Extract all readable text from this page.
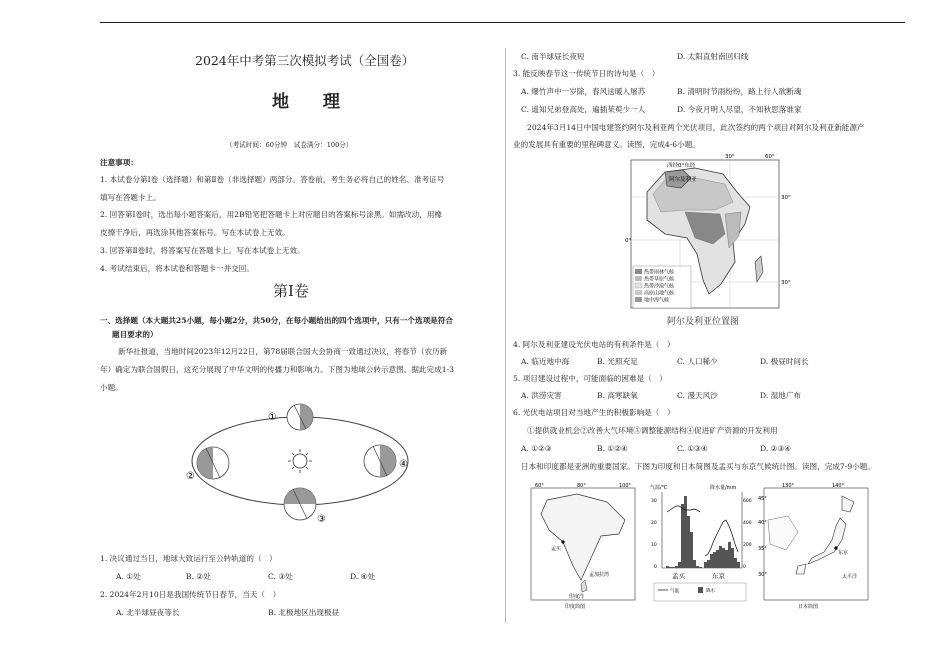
2024年中考第三次模拟考试（全国卷）
地 理
（考试时间：60分钟　试卷满分：100分）
注意事项：
1. 本试卷分第Ⅰ卷（选择题）和第Ⅱ卷（非选择题）两部分。答卷前，考生务必将自己的姓名、准考证号
填写在答题卡上。
2. 回答第Ⅰ卷时，选出每小题答案后，用2B铅笔把答题卡上对应题目的答案标号涂黑。如需改动，用橡
皮擦干净后，再选涂其他答案标号。写在本试卷上无效。
3. 回答第Ⅱ卷时，将答案写在答题卡上。写在本试卷上无效。
4. 考试结束后，将本试卷和答题卡一并交回。
第Ⅰ卷
一、选择题（本大题共25小题，每小题2分，共50分，在每小题给出的四个选项中，只有一个选项是符合
题目要求的）
新华社报道，当地时间2023年12月22日，第78届联合国大会协商一致通过决议，将春节（农历新
年）确定为联合国假日，这充分展现了中华文明的传播力和影响力。下图为地球公转示意图。据此完成1-3
小题。
①
②
④
③
1. 决议通过当日，地球大致运行至公转轨道的（　）
A. ①处	B. ②处	C. ③处	D. ④处
2. 2024年2月10日是我国传统节日春节，当天（　）
A. 北半球昼夜等长	B. 北极地区出现极昼
C. 南半球昼长夜短	D. 太阳直射南回归线
3. 能反映春节这一传统节日的诗句是（　）
A. 爆竹声中一岁除，春风送暖入屠苏	B. 清明时节雨纷纷，路上行人欲断魂
C. 遥知兄弟登高处，遍插茱萸少一人	D. 今夜月明人尽望，不知秋思落谁家
2024年3月14日中国电建签约阿尔及利亚两个光伏项目，此次签约的两个项目对阿尔及利亚新能源产
业的发展具有重要的里程碑意义。读图，完成4-6小题。
西经0°东经
30°	60°
30°
0°
30°
阿尔及利亚
热带雨林气候
热带草原气候
热带沙漠气候
高原山地气候
地中海气候
阿尔及利亚位置图
4. 阿尔及利亚建设光伏电站的有利条件是（　）
A. 临近地中海	B. 光照充足	C. 人口稀少	D. 极昼时间长
5. 项目建设过程中，可能面临的困难是（　）
A. 洪涝灾害	B. 高寒缺氧	C. 漫天风沙	D. 湿地广布
6. 光伏电站项目对当地产生的积极影响是（　）
①提供就业机会②改善大气环境③调整能源结构④促进矿产资源的开发利用
A. ①②③	B. ①②④	C. ①③④	D. ②③④
日本和印度都是亚洲的重要国家。下图为印度和日本简图及孟买与东京气候统计图。读图，完成7-9小题。
60°	80°	100°
孟买
孟加拉湾
印度洋
印度简图
气温/℃	降水量/mm
30
20
10
0
600
400
200
0
孟买	东京
气温	降水
130°	140°
45°
40°
35°
30°
东京
太平洋
日本简图
